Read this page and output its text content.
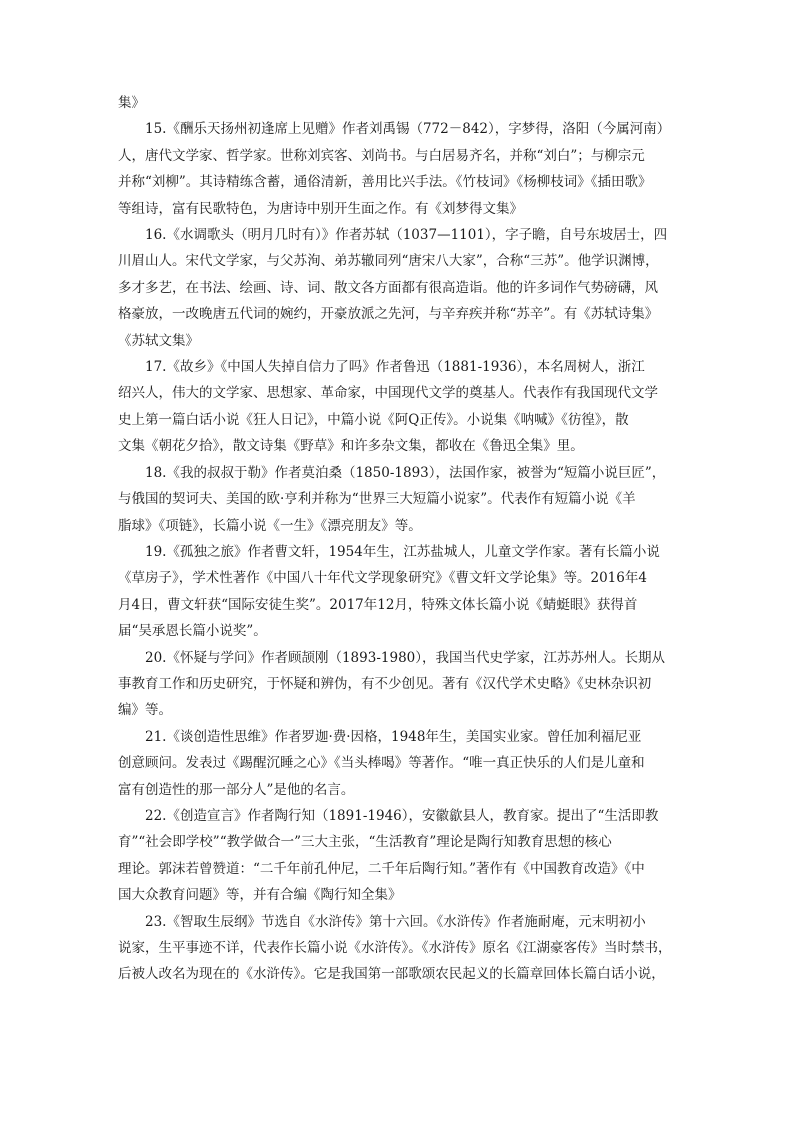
集》

　　15.《酬乐天扬州初逢席上见赠》作者刘禹锡（772－842），字梦得，洛阳（今属河南）
人，唐代文学家、哲学家。世称刘宾客、刘尚书。与白居易齐名，并称“刘白”；与柳宗元
并称“刘柳”。其诗精练含蓄，通俗清新，善用比兴手法。《竹枝词》《杨柳枝词》《插田歌》
等组诗，富有民歌特色，为唐诗中别开生面之作。有《刘梦得文集》

　　16.《水调歌头（明月几时有）》作者苏轼（1037—1101），字子瞻，自号东坡居士，四
川眉山人。宋代文学家，与父苏洵、弟苏辙同列“唐宋八大家”，合称“三苏”。他学识渊博，
多才多艺，在书法、绘画、诗、词、散文各方面都有很高造诣。他的许多词作气势磅礴，风
格豪放，一改晚唐五代词的婉约，开豪放派之先河，与辛弃疾并称“苏辛”。有《苏轼诗集》
《苏轼文集》

　　17.《故乡》《中国人失掉自信力了吗》作者鲁迅（1881-1936），本名周树人，浙江
绍兴人，伟大的文学家、思想家、革命家，中国现代文学的奠基人。代表作有我国现代文学
史上第一篇白话小说《狂人日记》，中篇小说《阿Q正传》。小说集《呐喊》《彷徨》，散
文集《朝花夕拾》，散文诗集《野草》和许多杂文集，都收在《鲁迅全集》里。

　　18.《我的叔叔于勒》作者莫泊桑（1850-1893），法国作家，被誉为“短篇小说巨匠”，
与俄国的契诃夫、美国的欧·亨利并称为“世界三大短篇小说家”。代表作有短篇小说《羊
脂球》《项链》，长篇小说《一生》《漂亮朋友》等。

　　19.《孤独之旅》作者曹文轩，1954年生，江苏盐城人，儿童文学作家。著有长篇小说
《草房子》，学术性著作《中国八十年代文学现象研究》《曹文轩文学论集》等。2016年4
月4日，曹文轩获“国际安徒生奖”。2017年12月，特殊文体长篇小说《蜻蜓眼》获得首
届“吴承恩长篇小说奖”。

　　20.《怀疑与学问》作者顾颉刚（1893-1980），我国当代史学家，江苏苏州人。长期从
事教育工作和历史研究，于怀疑和辨伪，有不少创见。著有《汉代学术史略》《史林杂识初
编》等。

　　21.《谈创造性思维》作者罗迦·费·因格，1948年生，美国实业家。曾任加利福尼亚
创意顾问。发表过《踢醒沉睡之心》《当头棒喝》等著作。“唯一真正快乐的人们是儿童和
富有创造性的那一部分人”是他的名言。

　　22.《创造宣言》作者陶行知（1891-1946），安徽歙县人，教育家。提出了“生活即教
育”“社会即学校”“教学做合一”三大主张，“生活教育”理论是陶行知教育思想的核心
理论。郭沫若曾赞道：“二千年前孔仲尼，二千年后陶行知。”著作有《中国教育改造》《中
国大众教育问题》等，并有合编《陶行知全集》

　　23.《智取生辰纲》节选自《水浒传》第十六回。《水浒传》作者施耐庵，元末明初小
说家，生平事迹不详，代表作长篇小说《水浒传》。《水浒传》原名《江湖豪客传》当时禁书，
后被人改名为现在的《水浒传》。它是我国第一部歌颂农民起义的长篇章回体长篇白话小说，
